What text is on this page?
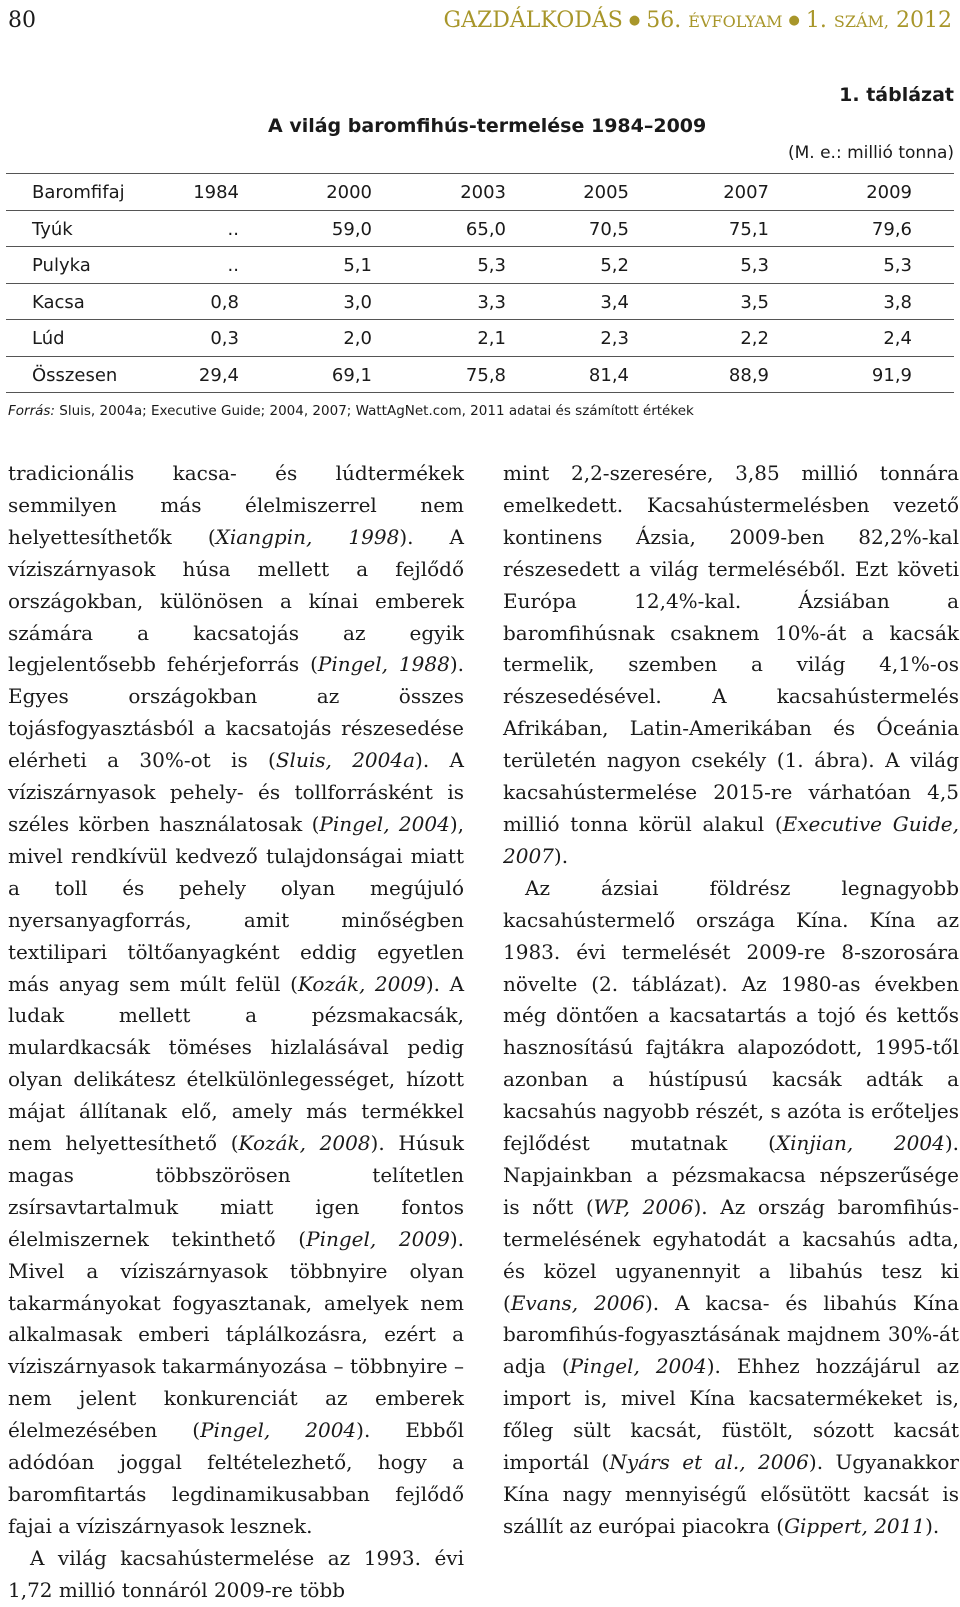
80	GAZDÁLKODÁS ● 56. ÉVFOLYAM ● 1. SZÁM, 2012
1. táblázat
A világ baromfihús-termelése 1984–2009
(M. e.: millió tonna)
Baromfifaj	1984	2000	2003	2005	2007	2009
Tyúk	..	59,0	65,0	70,5	75,1	79,6
Pulyka	..	5,1	5,3	5,2	5,3	5,3
Kacsa	0,8	3,0	3,3	3,4	3,5	3,8
Lúd	0,3	2,0	2,1	2,3	2,2	2,4
Összesen	29,4	69,1	75,8	81,4	88,9	91,9
Forrás: Sluis, 2004a; Executive Guide; 2004, 2007; WattAgNet.com, 2011 adatai és számított értékek

tradicionális kacsa- és lúdtermékek semmilyen más élelmiszerrel nem helyettesíthetők (Xiangpin, 1998). A víziszárnyasok húsa mellett a fejlődő országokban, különösen a kínai emberek számára a kacsatojás az egyik legjelentősebb fehérjeforrás (Pingel, 1988). Egyes országokban az összes tojásfogyasztásból a kacsatojás részesedése elérheti a 30%-ot is (Sluis, 2004a). A víziszárnyasok pehely- és tollforrásként is széles körben használatosak (Pingel, 2004), mivel rendkívül kedvező tulajdonságai miatt a toll és pehely olyan megújuló nyersanyagforrás, amit minőségben textilipari töltőanyagként eddig egyetlen más anyag sem múlt felül (Kozák, 2009). A ludak mellett a pézsmakacsák, mulardkacsák töméses hizlalásával pedig olyan delikátesz ételkülönlegességet, hízott májat állítanak elő, amely más termékkel nem helyettesíthető (Kozák, 2008). Húsuk magas többszörösen telítetlen zsírsavtartalmuk miatt igen fontos élelmiszernek tekinthető (Pingel, 2009). Mivel a víziszárnyasok többnyire olyan takarmányokat fogyasztanak, amelyek nem alkalmasak emberi táplálkozásra, ezért a víziszárnyasok takarmányozása – többnyire – nem jelent konkurenciát az emberek élelmezésében (Pingel, 2004). Ebből adódóan joggal feltételezhető, hogy a baromfitartás legdinamikusabban fejlődő fajai a víziszárnyasok lesznek.

A világ kacsahústermelése az 1993. évi 1,72 millió tonnáról 2009-re több

mint 2,2-szeresére, 3,85 millió tonnára emelkedett. Kacsahústermelésben vezető kontinens Ázsia, 2009-ben 82,2%-kal részesedett a világ termeléséből. Ezt követi Európa 12,4%-kal. Ázsiában a baromfihúsnak csaknem 10%-át a kacsák termelik, szemben a világ 4,1%-os részesedésével. A kacsahústermelés Afrikában, Latin-Amerikában és Óceánia területén nagyon csekély (1. ábra). A világ kacsahústermelése 2015-re várhatóan 4,5 millió tonna körül alakul (Executive Guide, 2007).

Az ázsiai földrész legnagyobb kacsahústermelő országa Kína. Kína az 1983. évi termelését 2009-re 8-szorosára növelte (2. táblázat). Az 1980-as években még döntően a kacsatartás a tojó és kettős hasznosítású fajtákra alapozódott, 1995-től azonban a hústípusú kacsák adták a kacsahús nagyobb részét, s azóta is erőteljes fejlődést mutatnak (Xinjian, 2004). Napjainkban a pézsmakacsa népszerűsége is nőtt (WP, 2006). Az ország baromfihús-termelésének egyhatodát a kacsahús adta, és közel ugyanennyit a libahús tesz ki (Evans, 2006). A kacsa- és libahús Kína baromfihús-fogyasztásának majdnem 30%-át adja (Pingel, 2004). Ehhez hozzájárul az import is, mivel Kína kacsatermékeket is, főleg sült kacsát, füstölt, sózott kacsát importál (Nyárs et al., 2006). Ugyanakkor Kína nagy mennyiségű elősütött kacsát is szállít az európai piacokra (Gippert, 2011).
